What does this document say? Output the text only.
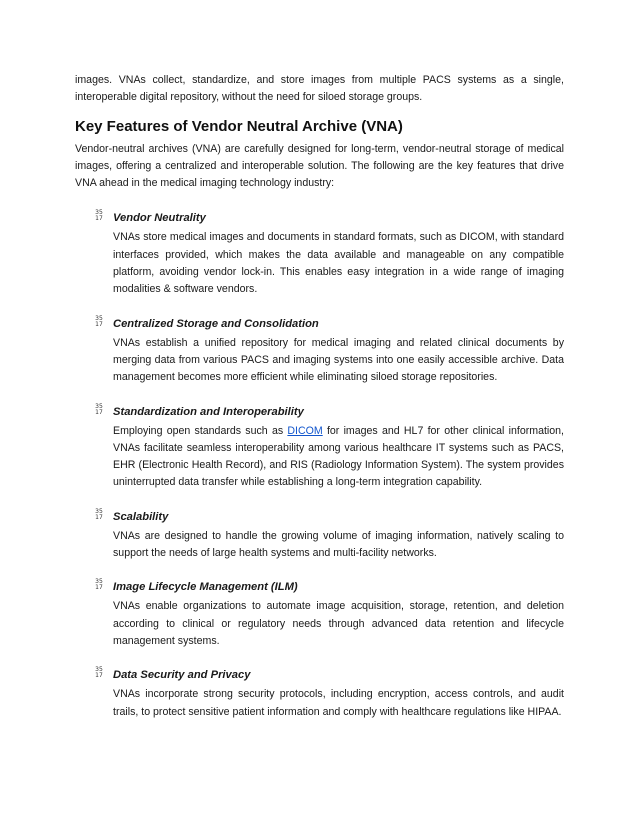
images. VNAs collect, standardize, and store images from multiple PACS systems as a single, interoperable digital repository, without the need for siloed storage groups.

Key Features of Vendor Neutral Archive (VNA)

Vendor-neutral archives (VNA) are carefully designed for long-term, vendor-neutral storage of medical images, offering a centralized and interoperable solution. The following are the key features that drive VNA ahead in the medical imaging technology industry:

35
17 Vendor Neutrality
VNAs store medical images and documents in standard formats, such as DICOM, with standard interfaces provided, which makes the data available and manageable on any compatible platform, avoiding vendor lock-in. This enables easy integration in a wide range of imaging modalities & software vendors.
35
17 Centralized Storage and Consolidation
VNAs establish a unified repository for medical imaging and related clinical documents by merging data from various PACS and imaging systems into one easily accessible archive. Data management becomes more efficient while eliminating siloed storage repositories.
35
17 Standardization and Interoperability
Employing open standards such as DICOM for images and HL7 for other clinical information, VNAs facilitate seamless interoperability among various healthcare IT systems such as PACS, EHR (Electronic Health Record), and RIS (Radiology Information System). The system provides uninterrupted data transfer while establishing a long-term integration capability.
35
17 Scalability
VNAs are designed to handle the growing volume of imaging information, natively scaling to support the needs of large health systems and multi-facility networks.
35
17 Image Lifecycle Management (ILM)
VNAs enable organizations to automate image acquisition, storage, retention, and deletion according to clinical or regulatory needs through advanced data retention and lifecycle management systems.
35
17 Data Security and Privacy
VNAs incorporate strong security protocols, including encryption, access controls, and audit trails, to protect sensitive patient information and comply with healthcare regulations like HIPAA.
